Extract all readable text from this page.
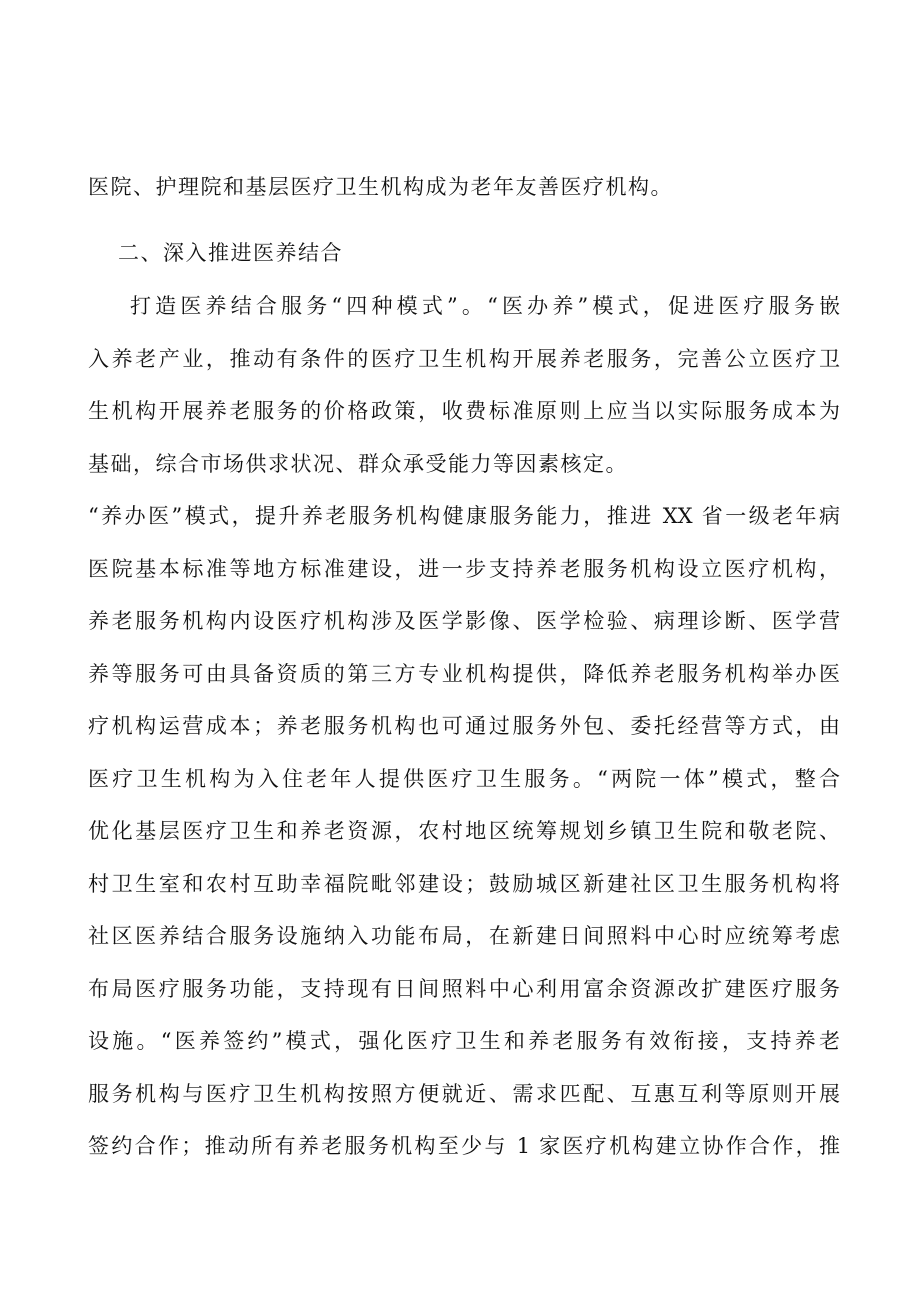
医院、护理院和基层医疗卫生机构成为老年友善医疗机构。
二、深入推进医养结合
打造医养结合服务“四种模式”。“医办养”模式，促进医疗服务嵌
入养老产业，推动有条件的医疗卫生机构开展养老服务，完善公立医疗卫
生机构开展养老服务的价格政策，收费标准原则上应当以实际服务成本为
基础，综合市场供求状况、群众承受能力等因素核定。
“养办医”模式，提升养老服务机构健康服务能力，推进 XX 省一级老年病
医院基本标准等地方标准建设，进一步支持养老服务机构设立医疗机构，
养老服务机构内设医疗机构涉及医学影像、医学检验、病理诊断、医学营
养等服务可由具备资质的第三方专业机构提供，降低养老服务机构举办医
疗机构运营成本；养老服务机构也可通过服务外包、委托经营等方式，由
医疗卫生机构为入住老年人提供医疗卫生服务。“两院一体”模式，整合
优化基层医疗卫生和养老资源，农村地区统筹规划乡镇卫生院和敬老院、
村卫生室和农村互助幸福院毗邻建设；鼓励城区新建社区卫生服务机构将
社区医养结合服务设施纳入功能布局，在新建日间照料中心时应统筹考虑
布局医疗服务功能，支持现有日间照料中心利用富余资源改扩建医疗服务
设施。“医养签约”模式，强化医疗卫生和养老服务有效衔接，支持养老
服务机构与医疗卫生机构按照方便就近、需求匹配、互惠互利等原则开展
签约合作；推动所有养老服务机构至少与 1 家医疗机构建立协作合作，推
